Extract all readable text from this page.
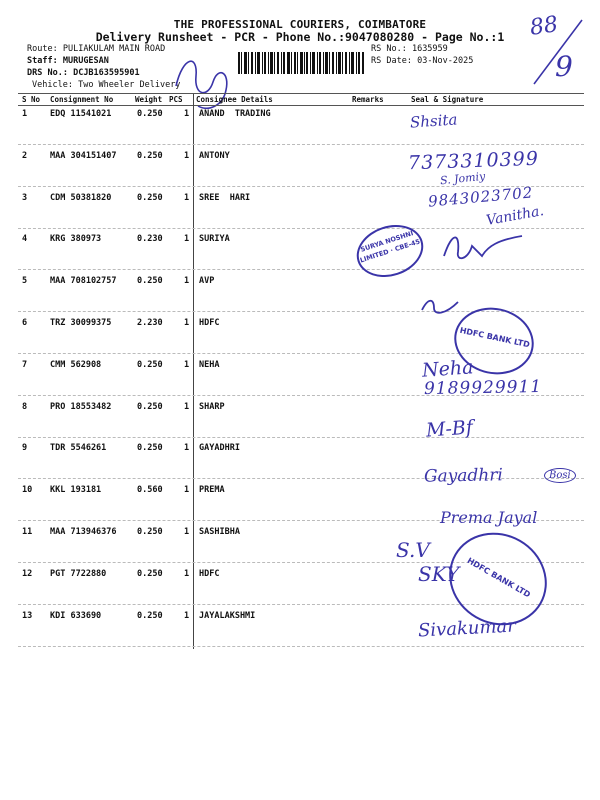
THE PROFESSIONAL COURIERS, COIMBATORE
Delivery Runsheet - PCR - Phone No.:9047080280 - Page No.:1
Route: PULIAKULAM MAIN ROAD
Staff: MURUGESAN
DRS No.: DCJB163595901
Vehicle: Two Wheeler Delivery
RS No.: 1635959
RS Date: 03-Nov-2025
88
9
S No Consignment No	Weight PCS Consignee Details	Remarks	Seal & Signature
1	EDQ 11541021	0.250	1 ANAND  TRADING
2	MAA 304151407 0.250	1 ANTONY
3	CDM 50381820	0.250	1 SREE  HARI
4	KRG 380973	0.230	1 SURIYA
5	MAA 708102757 0.250	1 AVP
6	TRZ 30099375	2.230	1 HDFC
7	CMM 562908	0.250	1 NEHA
8	PRO 18553482	0.250	1 SHARP
9	TDR 5546261	0.250	1 GAYADHRI
10 KKL 193181	0.560	1 PREMA
11 MAA 713946376 0.250	1 SASHIBHA
12 PGT 7722880	0.250	1 HDFC
13 KDI 633690	0.250	1 JAYALAKSHMI
Shsita
7373310399
S. Jomiy
9843023702
Vanitha.
SURYA NOSHNI LIMITED · CBE-45
HDFC BANK LTD
Neha
9189929911
M-Bf
Gayadhri	Bosi
Prema Jayal
HDFC BANK LTD
S.V
SKY
Sivakumar
